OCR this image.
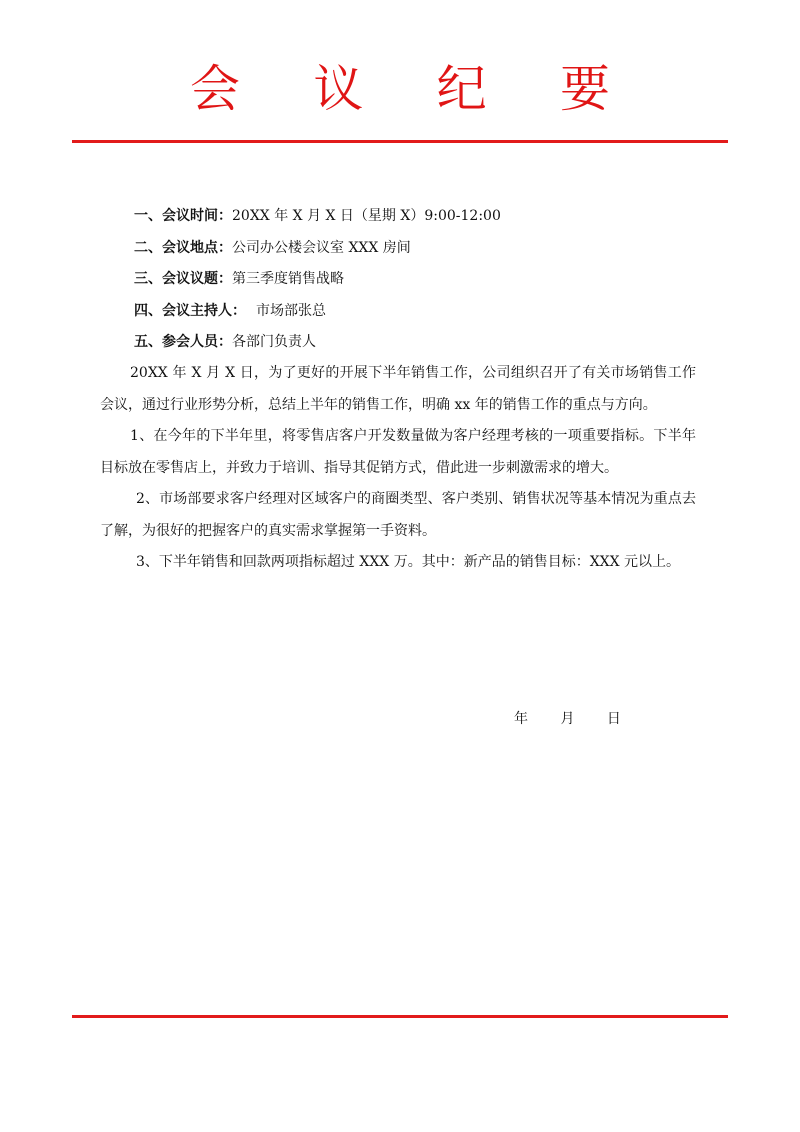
会 议 纪 要
一、会议时间：20XX 年 X 月 X 日（星期 X）9:00-12:00
二、会议地点：公司办公楼会议室 XXX 房间
三、会议议题：第三季度销售战略
四、会议主持人： 市场部张总
五、参会人员：各部门负责人

20XX 年 X 月 X 日，为了更好的开展下半年销售工作，公司组织召开了有关市场销售工作会议，通过行业形势分析，总结上半年的销售工作，明确 xx 年的销售工作的重点与方向。

1、在今年的下半年里，将零售店客户开发数量做为客户经理考核的一项重要指标。下半年目标放在零售店上，并致力于培训、指导其促销方式，借此进一步刺激需求的增大。

2、市场部要求客户经理对区域客户的商圈类型、客户类别、销售状况等基本情况为重点去了解，为很好的把握客户的真实需求掌握第一手资料。

3、下半年销售和回款两项指标超过 XXX 万。其中：新产品的销售目标：XXX 元以上。

年 月 日
